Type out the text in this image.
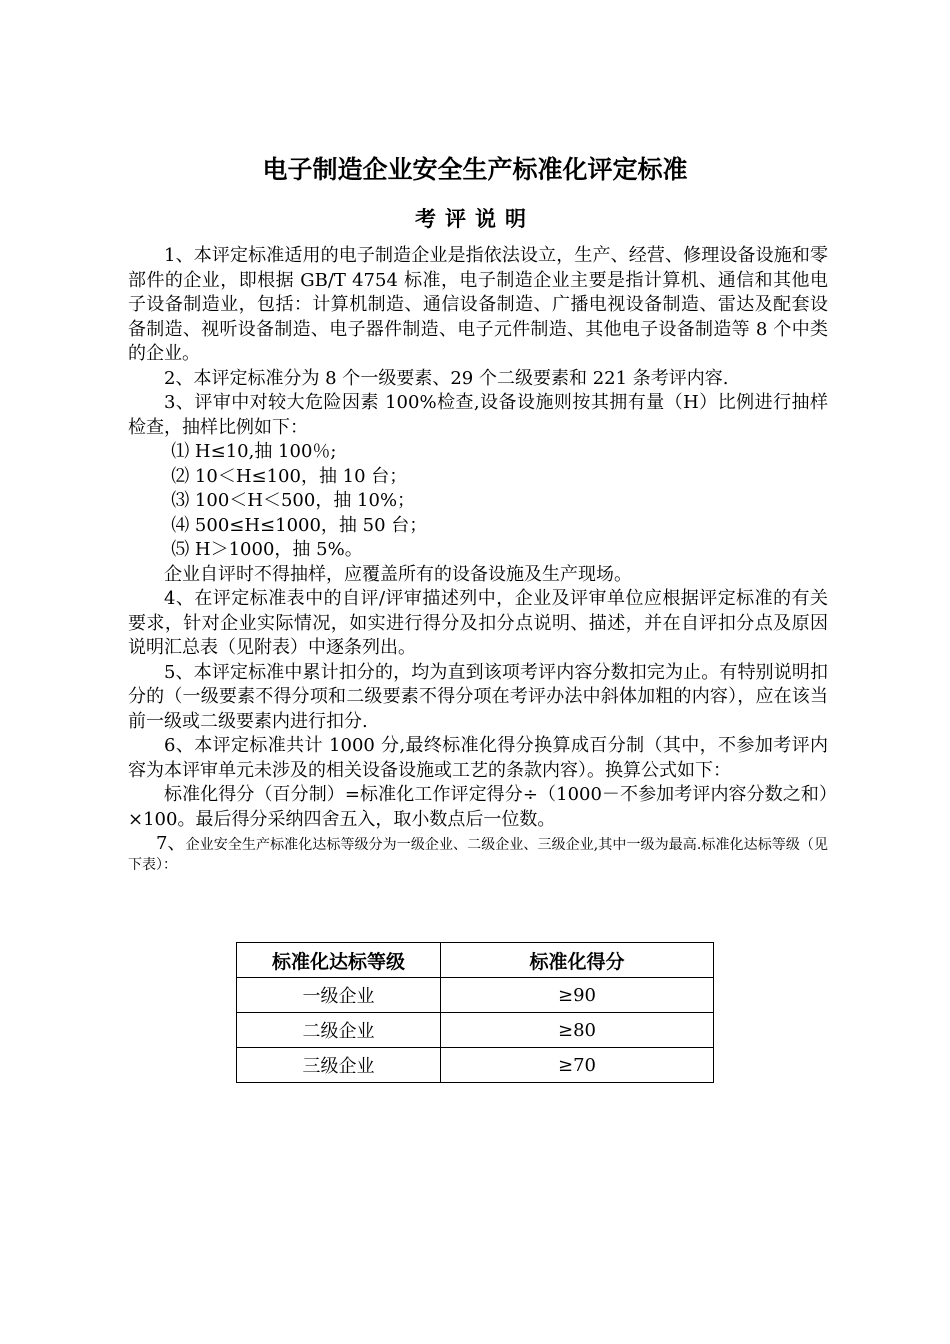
电子制造企业安全生产标准化评定标准
考评说明

1、本评定标准适用的电子制造企业是指依法设立，生产、经营、修理设备设施和零部件的企业，即根据 GB/T 4754 标准，电子制造企业主要是指计算机、通信和其他电子设备制造业，包括：计算机制造、通信设备制造、广播电视设备制造、雷达及配套设备制造、视听设备制造、电子器件制造、电子元件制造、其他电子设备制造等 8 个中类的企业。

2、本评定标准分为 8 个一级要素、29 个二级要素和 221 条考评内容.

3、评审中对较大危险因素 100%检查,设备设施则按其拥有量（H）比例进行抽样检查，抽样比例如下：

⑴ H≤10,抽 100％;

⑵ 10＜H≤100，抽 10 台；

⑶ 100＜H＜500，抽 10%；

⑷ 500≤H≤1000，抽 50 台；

⑸ H＞1000，抽 5%。

企业自评时不得抽样，应覆盖所有的设备设施及生产现场。

4、在评定标准表中的自评/评审描述列中，企业及评审单位应根据评定标准的有关要求，针对企业实际情况，如实进行得分及扣分点说明、描述，并在自评扣分点及原因说明汇总表（见附表）中逐条列出。

5、本评定标准中累计扣分的，均为直到该项考评内容分数扣完为止。有特别说明扣分的（一级要素不得分项和二级要素不得分项在考评办法中斜体加粗的内容），应在该当前一级或二级要素内进行扣分.

6、本评定标准共计 1000 分,最终标准化得分换算成百分制（其中，不参加考评内容为本评审单元未涉及的相关设备设施或工艺的条款内容）。换算公式如下：

标准化得分（百分制）=标准化工作评定得分÷（1000－不参加考评内容分数之和）×100。最后得分采纳四舍五入，取小数点后一位数。

7、企业安全生产标准化达标等级分为一级企业、二级企业、三级企业,其中一级为最高.标准化达标等级（见下表）：

标准化达标等级	标准化得分
一级企业	≥90
二级企业	≥80
三级企业	≥70
